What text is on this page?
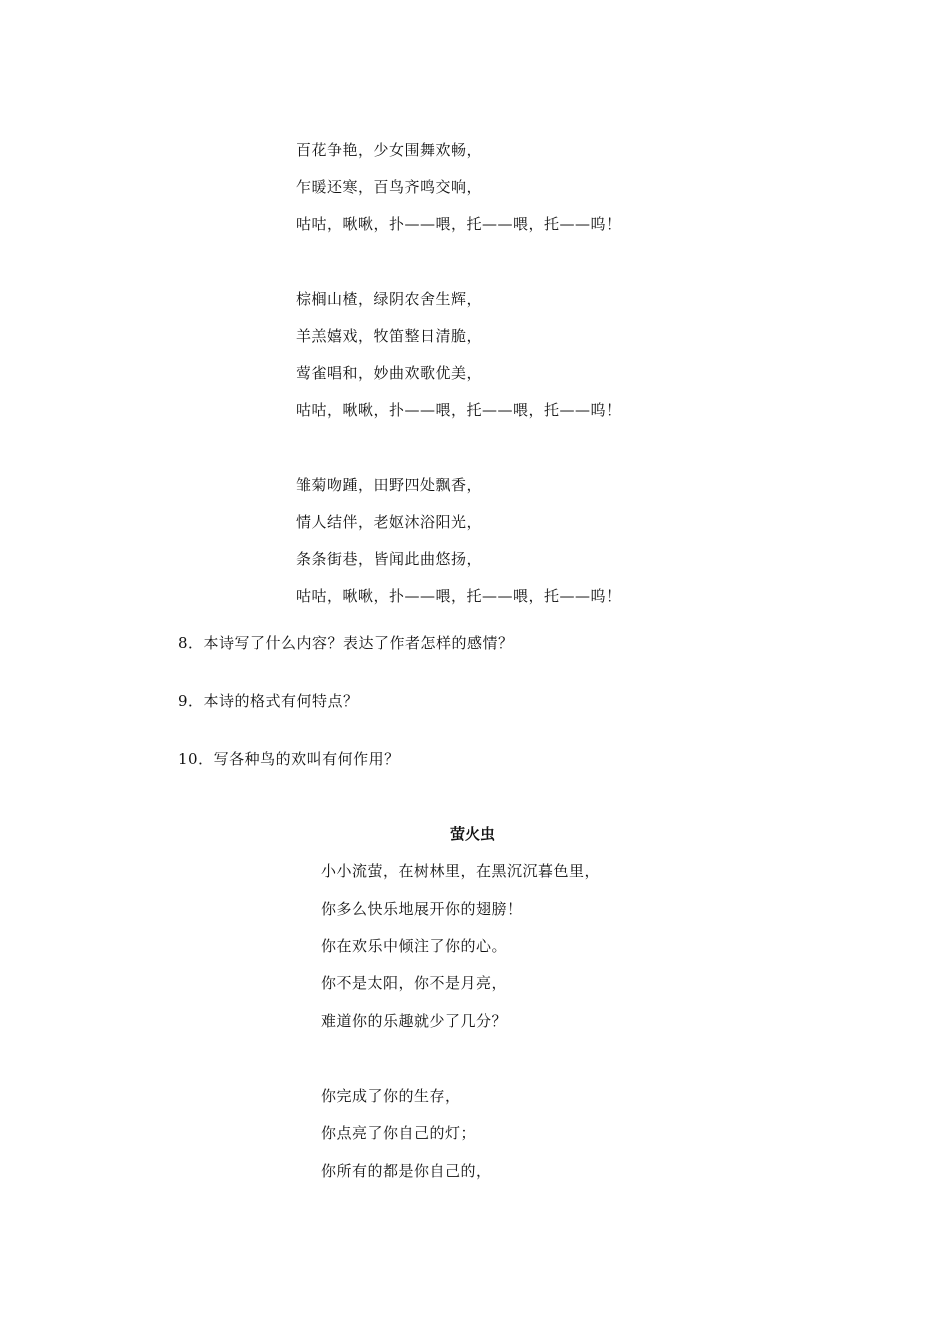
百花争艳，少女围舞欢畅，
乍暖还寒，百鸟齐鸣交响，
咕咕，啾啾，扑——喂，托——喂，托——呜！
棕榈山楂，绿阴农舍生辉，
羊羔嬉戏，牧笛整日清脆，
莺雀唱和，妙曲欢歌优美，
咕咕，啾啾，扑——喂，托——喂，托——呜！
雏菊吻踵，田野四处飘香，
情人结伴，老妪沐浴阳光，
条条街巷，皆闻此曲悠扬，
咕咕，啾啾，扑——喂，托——喂，托——呜！
8．本诗写了什么内容？表达了作者怎样的感情？
9．本诗的格式有何特点？
10．写各种鸟的欢叫有何作用？
萤火虫
小小流萤，在树林里，在黑沉沉暮色里，
你多么快乐地展开你的翅膀！
你在欢乐中倾注了你的心。
你不是太阳，你不是月亮，
难道你的乐趣就少了几分？
你完成了你的生存，
你点亮了你自己的灯；
你所有的都是你自己的，
